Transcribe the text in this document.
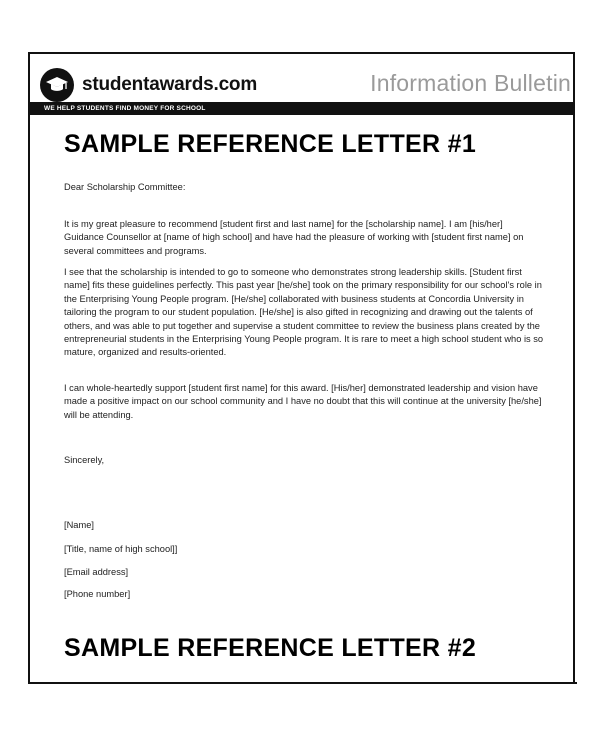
studentawards.com	Information Bulletin
WE HELP STUDENTS FIND MONEY FOR SCHOOL
SAMPLE REFERENCE LETTER #1

Dear Scholarship Committee:

It is my great pleasure to recommend [student first and last name] for the [scholarship name]. I am [his/her] Guidance Counsellor at [name of high school] and have had the pleasure of working with [student first name] on several committees and programs.

I see that the scholarship is intended to go to someone who demonstrates strong leadership skills. [Student first name] fits these guidelines perfectly. This past year [he/she] took on the primary responsibility for our school's role in the Enterprising Young People program. [He/she] collaborated with business students at Concordia University in tailoring the program to our student population. [He/she] is also gifted in recognizing and drawing out the talents of others, and was able to put together and supervise a student committee to review the business plans created by the entrepreneurial students in the Enterprising Young People program. It is rare to meet a high school student who is so mature, organized and results-oriented.

I can whole-heartedly support [student first name] for this award. [His/her] demonstrated leadership and vision have made a positive impact on our school community and I have no doubt that this will continue at the university [he/she] will be attending.

Sincerely,

[Name]

[Title, name of high school]]

[Email address]

[Phone number]

SAMPLE REFERENCE LETTER #2
